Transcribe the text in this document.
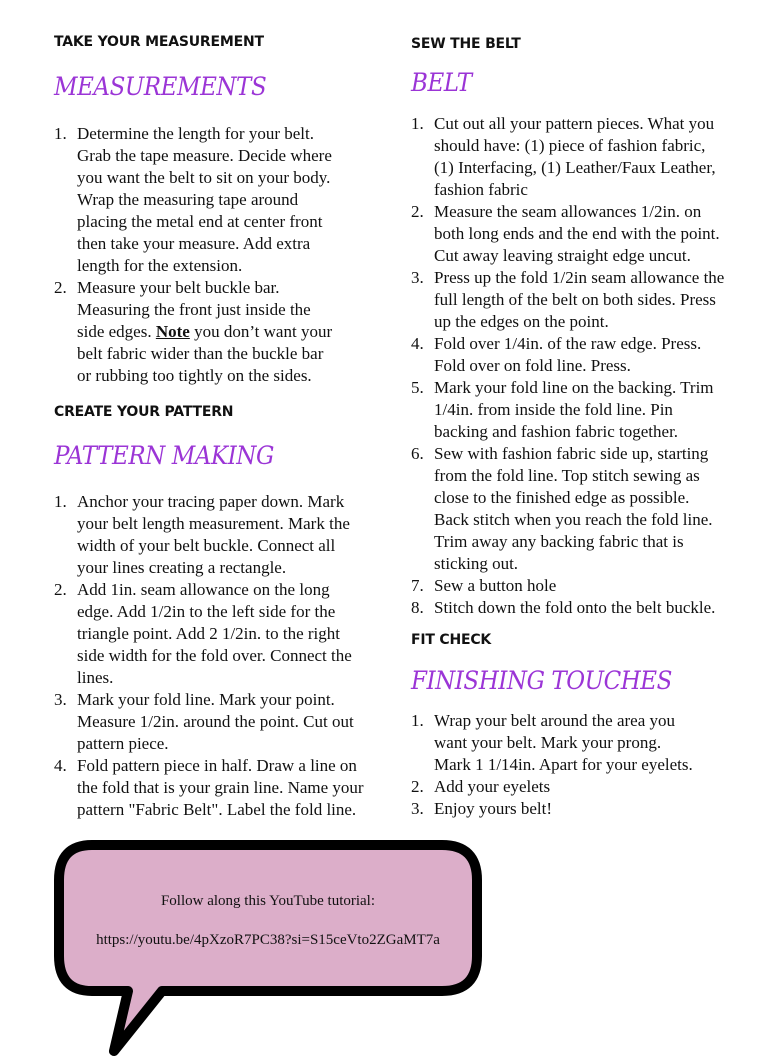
TAKE YOUR MEASUREMENT
MEASUREMENTS
1. Determine the length for your belt.
Grab the tape measure. Decide where
you want the belt to sit on your body.
Wrap the measuring tape around
placing the metal end at center front
then take your measure. Add extra
length for the extension.
2. Measure your belt buckle bar.
Measuring the front just inside the
side edges. Note you don’t want your
belt fabric wider than the buckle bar
or rubbing too tightly on the sides.
CREATE YOUR PATTERN
PATTERN MAKING
1. Anchor your tracing paper down. Mark
your belt length measurement. Mark the
width of your belt buckle. Connect all
your lines creating a rectangle.
2. Add 1in. seam allowance on the long
edge. Add 1/2in to the left side for the
triangle point. Add 2 1/2in. to the right
side width for the fold over. Connect the
lines.
3. Mark your fold line. Mark your point.
Measure 1/2in. around the point. Cut out
pattern piece.
4. Fold pattern piece in half. Draw a line on
the fold that is your grain line. Name your
pattern "Fabric Belt". Label the fold line.
SEW THE BELT
BELT
1. Cut out all your pattern pieces. What you
should have: (1) piece of fashion fabric,
(1) Interfacing, (1) Leather/Faux Leather,
fashion fabric
2. Measure the seam allowances 1/2in. on
both long ends and the end with the point.
Cut away leaving straight edge uncut.
3. Press up the fold 1/2in seam allowance the
full length of the belt on both sides. Press
up the edges on the point.
4. Fold over 1/4in. of the raw edge. Press.
Fold over on fold line. Press.
5. Mark your fold line on the backing. Trim
1/4in. from inside the fold line. Pin
backing and fashion fabric together.
6. Sew with fashion fabric side up, starting
from the fold line. Top stitch sewing as
close to the finished edge as possible.
Back stitch when you reach the fold line.
Trim away any backing fabric that is
sticking out.
7. Sew a button hole
8. Stitch down the fold onto the belt buckle.
FIT CHECK
FINISHING TOUCHES
1. Wrap your belt around the area you
want your belt. Mark your prong.
Mark 1 1/14in. Apart for your eyelets.
2. Add your eyelets
3. Enjoy yours belt!
Follow along this YouTube tutorial:
https://youtu.be/4pXzoR7PC38?si=S15ceVto2ZGaMT7a
